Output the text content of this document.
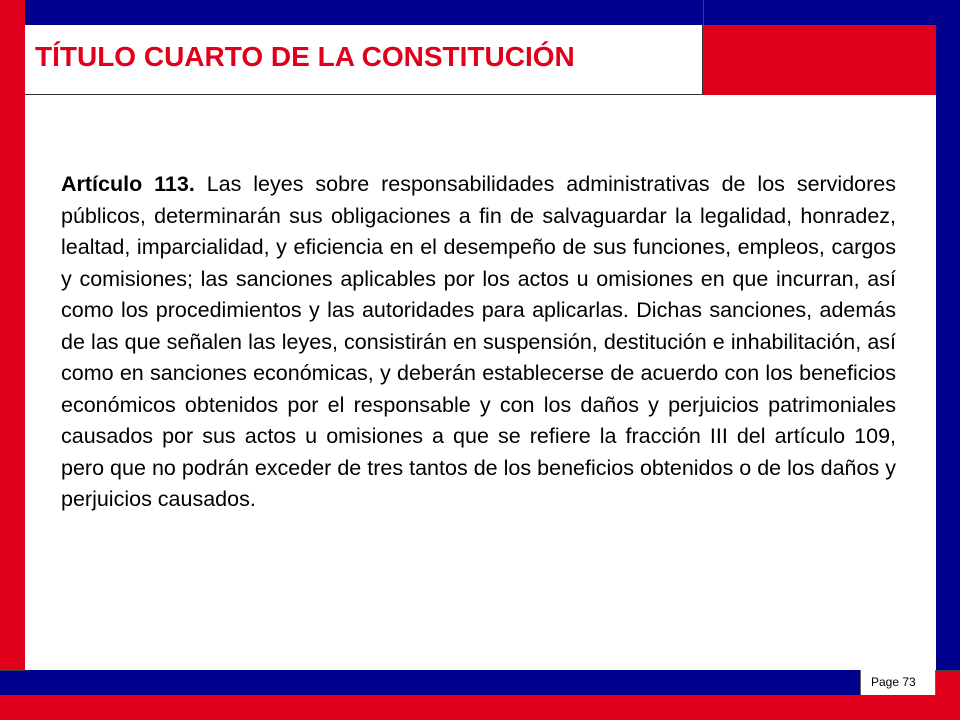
TÍTULO CUARTO DE LA CONSTITUCIÓN

Artículo 113. Las leyes sobre responsabilidades administrativas de los servidores públicos, determinarán sus obligaciones a fin de salvaguardar la legalidad, honradez, lealtad, imparcialidad, y eficiencia en el desempeño de sus funciones, empleos, cargos y comisiones; las sanciones aplicables por los actos u omisiones en que incurran, así como los procedimientos y las autoridades para aplicarlas. Dichas sanciones, además de las que señalen las leyes, consistirán en suspensión, destitución e inhabilitación, así como en sanciones económicas, y deberán establecerse de acuerdo con los beneficios económicos obtenidos por el responsable y con los daños y perjuicios patrimoniales causados por sus actos u omisiones a que se refiere la fracción III del artículo 109, pero que no podrán exceder de tres tantos de los beneficios obtenidos o de los daños y perjuicios causados.

Page 73
